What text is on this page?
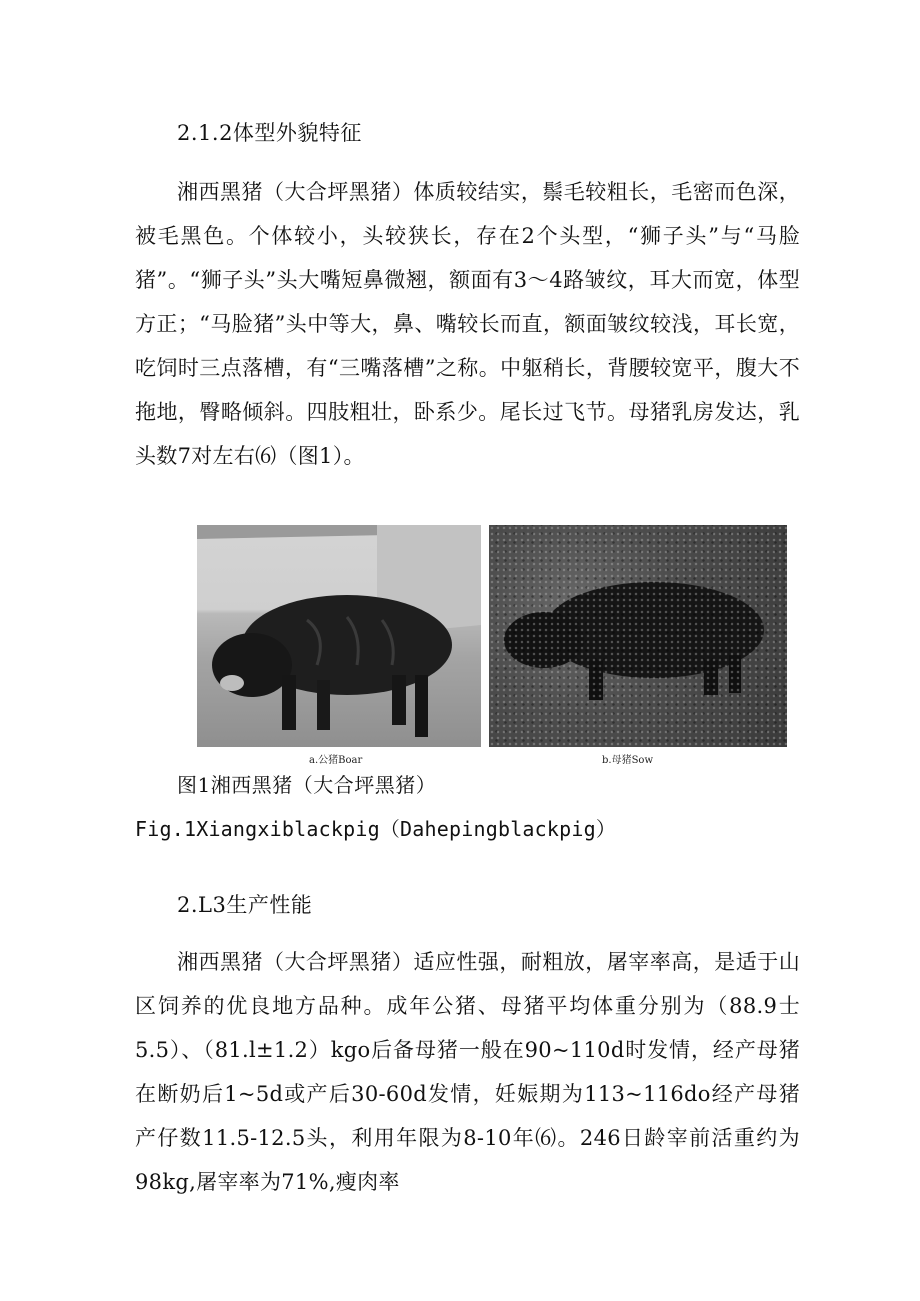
2.1.2体型外貌特征

湘西黑猪（大合坪黑猪）体质较结实，鬃毛较粗长，毛密而色深，被毛黑色。个体较小，头较狭长，存在2个头型，“狮子头”与“马脸猪”。“狮子头”头大嘴短鼻微翘，额面有3～4路皱纹，耳大而宽，体型方正；“马脸猪”头中等大，鼻、嘴较长而直，额面皱纹较浅，耳长宽，吃饲时三点落槽，有“三嘴落槽”之称。中躯稍长，背腰较宽平，腹大不拖地，臀略倾斜。四肢粗壮，卧系少。尾长过飞节。母猪乳房发达，乳头数7对左右⑹（图1）。

a.公猪Boar	b.母猪Sow
图1湘西黑猪（大合坪黑猪）
Fig.1Xiangxiblackpig（Dahepingblackpig）
2.L3生产性能

湘西黑猪（大合坪黑猪）适应性强，耐粗放，屠宰率高，是适于山区饲养的优良地方品种。成年公猪、母猪平均体重分别为（88.9士5.5）、（81.l±1.2）kgo后备母猪一般在90~110d时发情，经产母猪在断奶后1~5d或产后30-60d发情，妊娠期为113~116do经产母猪产仔数11.5-12.5头，利用年限为8-10年⑹。246日龄宰前活重约为98kg,屠宰率为71%,瘦肉率
